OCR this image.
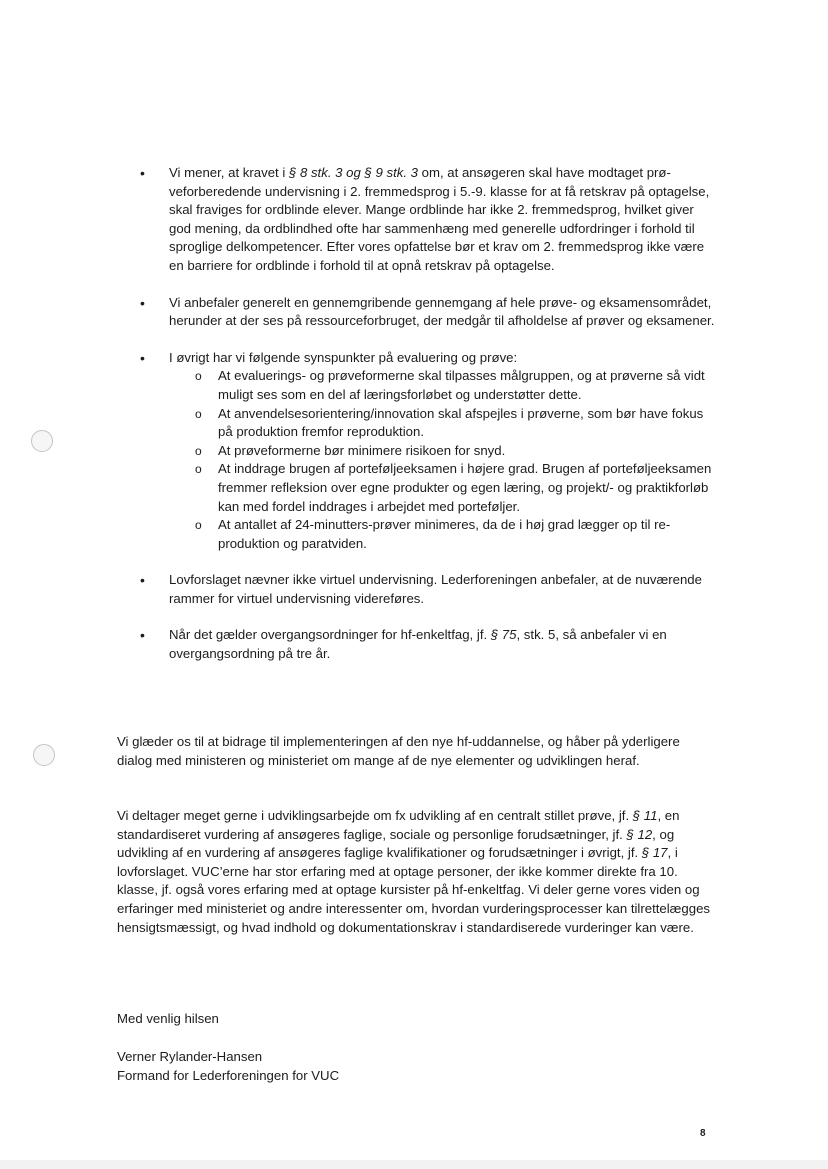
• Vi mener, at kravet i § 8 stk. 3 og § 9 stk. 3 om, at ansøgeren skal have modtaget prøveforberedende undervisning i 2. fremmedsprog i 5.-9. klasse for at få retskrav på optagelse, skal fraviges for ordblinde elever. Mange ordblinde har ikke 2. fremmedsprog, hvilket giver god mening, da ordblindhed ofte har sammenhæng med generelle udfordringer i forhold til sproglige delkompetencer. Efter vores opfattelse bør et krav om 2. fremmedsprog ikke være en barriere for ordblinde i forhold til at opnå retskrav på optagelse.
• Vi anbefaler generelt en gennemgribende gennemgang af hele prøve- og eksamensområdet, herunder at der ses på ressourceforbruget, der medgår til afholdelse af prøver og eksamener.
• I øvrigt har vi følgende synspunkter på evaluering og prøve:
o At evaluerings- og prøveformerne skal tilpasses målgruppen, og at prøverne så vidt muligt ses som en del af læringsforløbet og understøtter dette.
o At anvendelsesorientering/innovation skal afspejles i prøverne, som bør have fokus på produktion fremfor reproduktion.
o At prøveformerne bør minimere risikoen for snyd.
o At inddrage brugen af porteføljeeksamen i højere grad. Brugen af porteføljeeksamen fremmer refleksion over egne produkter og egen læring, og projekt/- og praktikforløb kan med fordel inddrages i arbejdet med porteføljer.
o At antallet af 24-minutters-prøver minimeres, da de i høj grad lægger op til reproduktion og paratviden.
• Lovforslaget nævner ikke virtuel undervisning. Lederforeningen anbefaler, at de nuværende rammer for virtuel undervisning videreføres.
• Når det gælder overgangsordninger for hf-enkeltfag, jf. § 75, stk. 5, så anbefaler vi en overgangsordning på tre år.

Vi glæder os til at bidrage til implementeringen af den nye hf-uddannelse, og håber på yderligere dialog med ministeren og ministeriet om mange af de nye elementer og udviklingen heraf.

Vi deltager meget gerne i udviklingsarbejde om fx udvikling af en centralt stillet prøve, jf. § 11, en standardiseret vurdering af ansøgeres faglige, sociale og personlige forudsætninger, jf. § 12, og udvikling af en vurdering af ansøgeres faglige kvalifikationer og forudsætninger i øvrigt, jf. § 17, i lovforslaget. VUC’erne har stor erfaring med at optage personer, der ikke kommer direkte fra 10. klasse, jf. også vores erfaring med at optage kursister på hf-enkeltfag. Vi deler gerne vores viden og erfaringer med ministeriet og andre interessenter om, hvordan vurderingsprocesser kan tilrettelægges hensigtsmæssigt, og hvad indhold og dokumentationskrav i standardiserede vurderinger kan være.

Med venlig hilsen

Verner Rylander-Hansen
Formand for Lederforeningen for VUC

8
